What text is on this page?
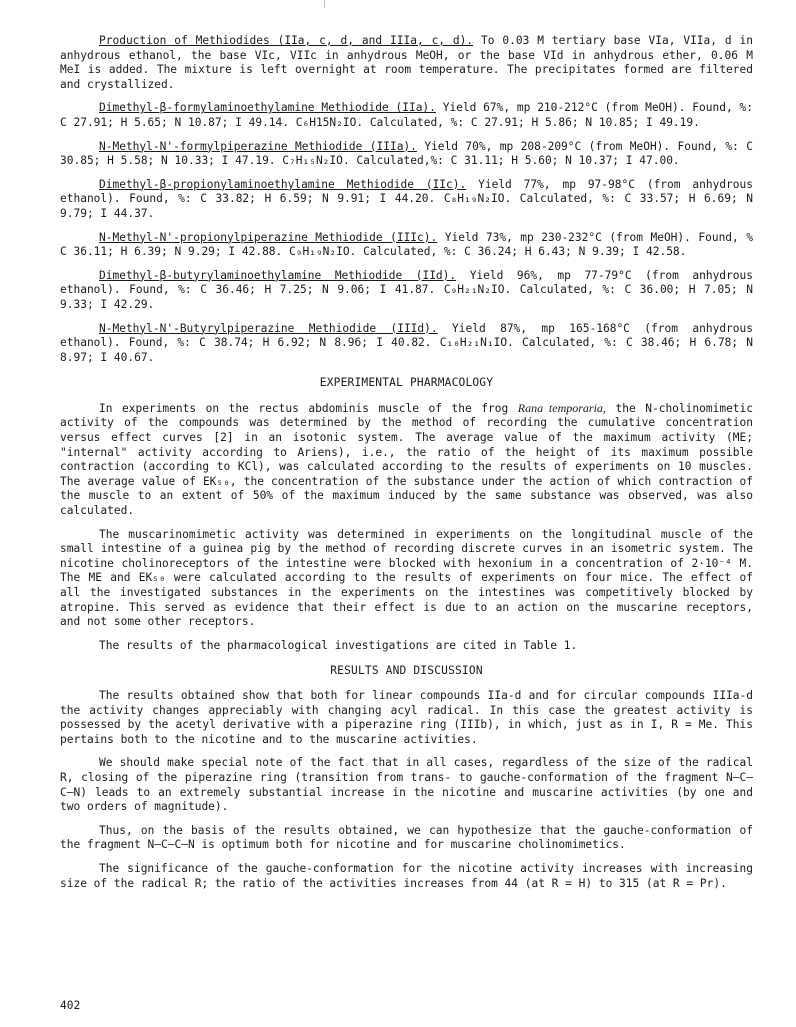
Production of Methiodides (IIa, c, d, and IIIa, c, d). To 0.03 M tertiary base VIa, VIIa, d in anhydrous ethanol, the base VIc, VIIc in anhydrous MeOH, or the base VId in anhydrous ether, 0.06 M MeI is added. The mixture is left overnight at room temperature. The precipitates formed are filtered and crystallized.

Dimethyl-β-formylaminoethylamine Methiodide (IIa). Yield 67%, mp 210-212°C (from MeOH). Found, %: C 27.91; H 5.65; N 10.87; I 49.14. C₆H15N₂IO. Calculated, %: C 27.91; H 5.86; N 10.85; I 49.19.

N-Methyl-N'-formylpiperazine Methiodide (IIIa). Yield 70%, mp 208-209°C (from MeOH). Found, %: C 30.85; H 5.58; N 10.33; I 47.19. C₇H₁₅N₂IO. Calculated,%: C 31.11; H 5.60; N 10.37; I 47.00.

Dimethyl-β-propionylaminoethylamine Methiodide (IIc). Yield 77%, mp 97-98°C (from anhydrous ethanol). Found, %: C 33.82; H 6.59; N 9.91; I 44.20. C₈H₁₉N₂IO. Calculated, %: C 33.57; H 6.69; N 9.79; I 44.37.

N-Methyl-N'-propionylpiperazine Methiodide (IIIc). Yield 73%, mp 230-232°C (from MeOH). Found, % C 36.11; H 6.39; N 9.29; I 42.88. C₉H₁₉N₂IO. Calculated, %: C 36.24; H 6.43; N 9.39; I 42.58.

Dimethyl-β-butyrylaminoethylamine Methiodide (IId). Yield 96%, mp 77-79°C (from anhydrous ethanol). Found, %: C 36.46; H 7.25; N 9.06; I 41.87. C₉H₂₁N₂IO. Calculated, %: C 36.00; H 7.05; N 9.33; I 42.29.

N-Methyl-N'-Butyrylpiperazine Methiodide (IIId). Yield 87%, mp 165-168°C (from anhydrous ethanol). Found, %: C 38.74; H 6.92; N 8.96; I 40.82. C₁₀H₂₁N₁IO. Calculated, %: C 38.46; H 6.78; N 8.97; I 40.67.

EXPERIMENTAL PHARMACOLOGY

In experiments on the rectus abdominis muscle of the frog Rana temporaria, the N-cholinomimetic activity of the compounds was determined by the method of recording the cumulative concentration versus effect curves [2] in an isotonic system. The average value of the maximum activity (ME; "internal" activity according to Ariens), i.e., the ratio of the height of its maximum possible contraction (according to KCl), was calculated according to the results of experiments on 10 muscles. The average value of EK₅₀, the concentration of the substance under the action of which contraction of the muscle to an extent of 50% of the maximum induced by the same substance was observed, was also calculated.

The muscarinomimetic activity was determined in experiments on the longitudinal muscle of the small intestine of a guinea pig by the method of recording discrete curves in an isometric system. The nicotine cholinoreceptors of the intestine were blocked with hexonium in a concentration of 2·10⁻⁴ M. The ME and EK₅₀ were calculated according to the results of experiments on four mice. The effect of all the investigated substances in the experiments on the intestines was competitively blocked by atropine. This served as evidence that their effect is due to an action on the muscarine receptors, and not some other receptors.

The results of the pharmacological investigations are cited in Table 1.

RESULTS AND DISCUSSION

The results obtained show that both for linear compounds IIa-d and for circular compounds IIIa-d the activity changes appreciably with changing acyl radical. In this case the greatest activity is possessed by the acetyl derivative with a piperazine ring (IIIb), in which, just as in I, R = Me. This pertains both to the nicotine and to the muscarine activities.

We should make special note of the fact that in all cases, regardless of the size of the radical R, closing of the piperazine ring (transition from trans- to gauche-conformation of the fragment N–C–C–N) leads to an extremely substantial increase in the nicotine and muscarine activities (by one and two orders of magnitude).

Thus, on the basis of the results obtained, we can hypothesize that the gauche-conformation of the fragment N–C–C–N is optimum both for nicotine and for muscarine cholinomimetics.

The significance of the gauche-conformation for the nicotine activity increases with increasing size of the radical R; the ratio of the activities increases from 44 (at R = H) to 315 (at R = Pr).

402
